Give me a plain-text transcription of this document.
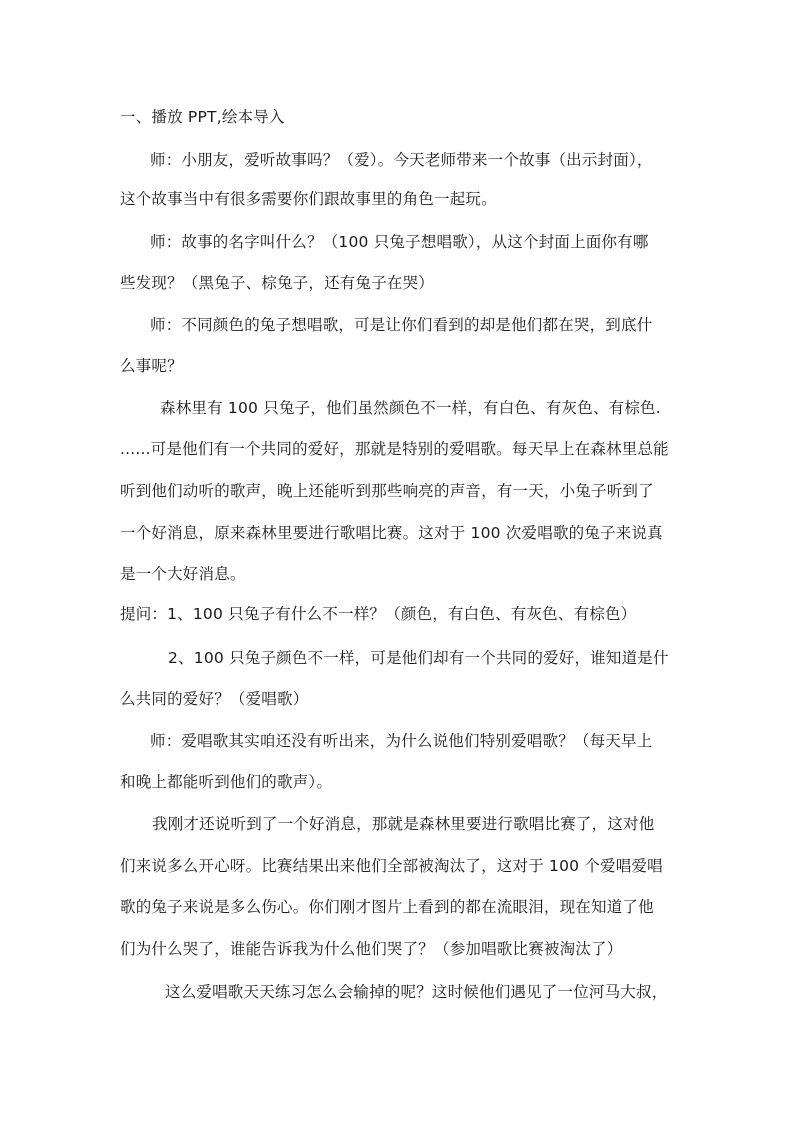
一、播放 PPT,绘本导入
师：小朋友，爱听故事吗？（爱）。今天老师带来一个故事（出示封面），
这个故事当中有很多需要你们跟故事里的角色一起玩。
师：故事的名字叫什么？（100 只兔子想唱歌），从这个封面上面你有哪
些发现？（黑兔子、棕兔子，还有兔子在哭）
师：不同颜色的兔子想唱歌，可是让你们看到的却是他们都在哭，到底什
么事呢？
森林里有 100 只兔子，他们虽然颜色不一样，有白色、有灰色、有棕色.
......可是他们有一个共同的爱好，那就是特别的爱唱歌。每天早上在森林里总能
听到他们动听的歌声，晚上还能听到那些响亮的声音，有一天，小兔子听到了
一个好消息，原来森林里要进行歌唱比赛。这对于 100 次爱唱歌的兔子来说真
是一个大好消息。
提问：1、100 只兔子有什么不一样？（颜色，有白色、有灰色、有棕色）
2、100 只兔子颜色不一样，可是他们却有一个共同的爱好，谁知道是什
么共同的爱好？（爱唱歌）
师：爱唱歌其实咱还没有听出来，为什么说他们特别爱唱歌？（每天早上
和晚上都能听到他们的歌声）。
我刚才还说听到了一个好消息，那就是森林里要进行歌唱比赛了，这对他
们来说多么开心呀。比赛结果出来他们全部被淘汰了，这对于 100 个爱唱爱唱
歌的兔子来说是多么伤心。你们刚才图片上看到的都在流眼泪，现在知道了他
们为什么哭了，谁能告诉我为什么他们哭了？（参加唱歌比赛被淘汰了）
这么爱唱歌天天练习怎么会输掉的呢？这时候他们遇见了一位河马大叔，
